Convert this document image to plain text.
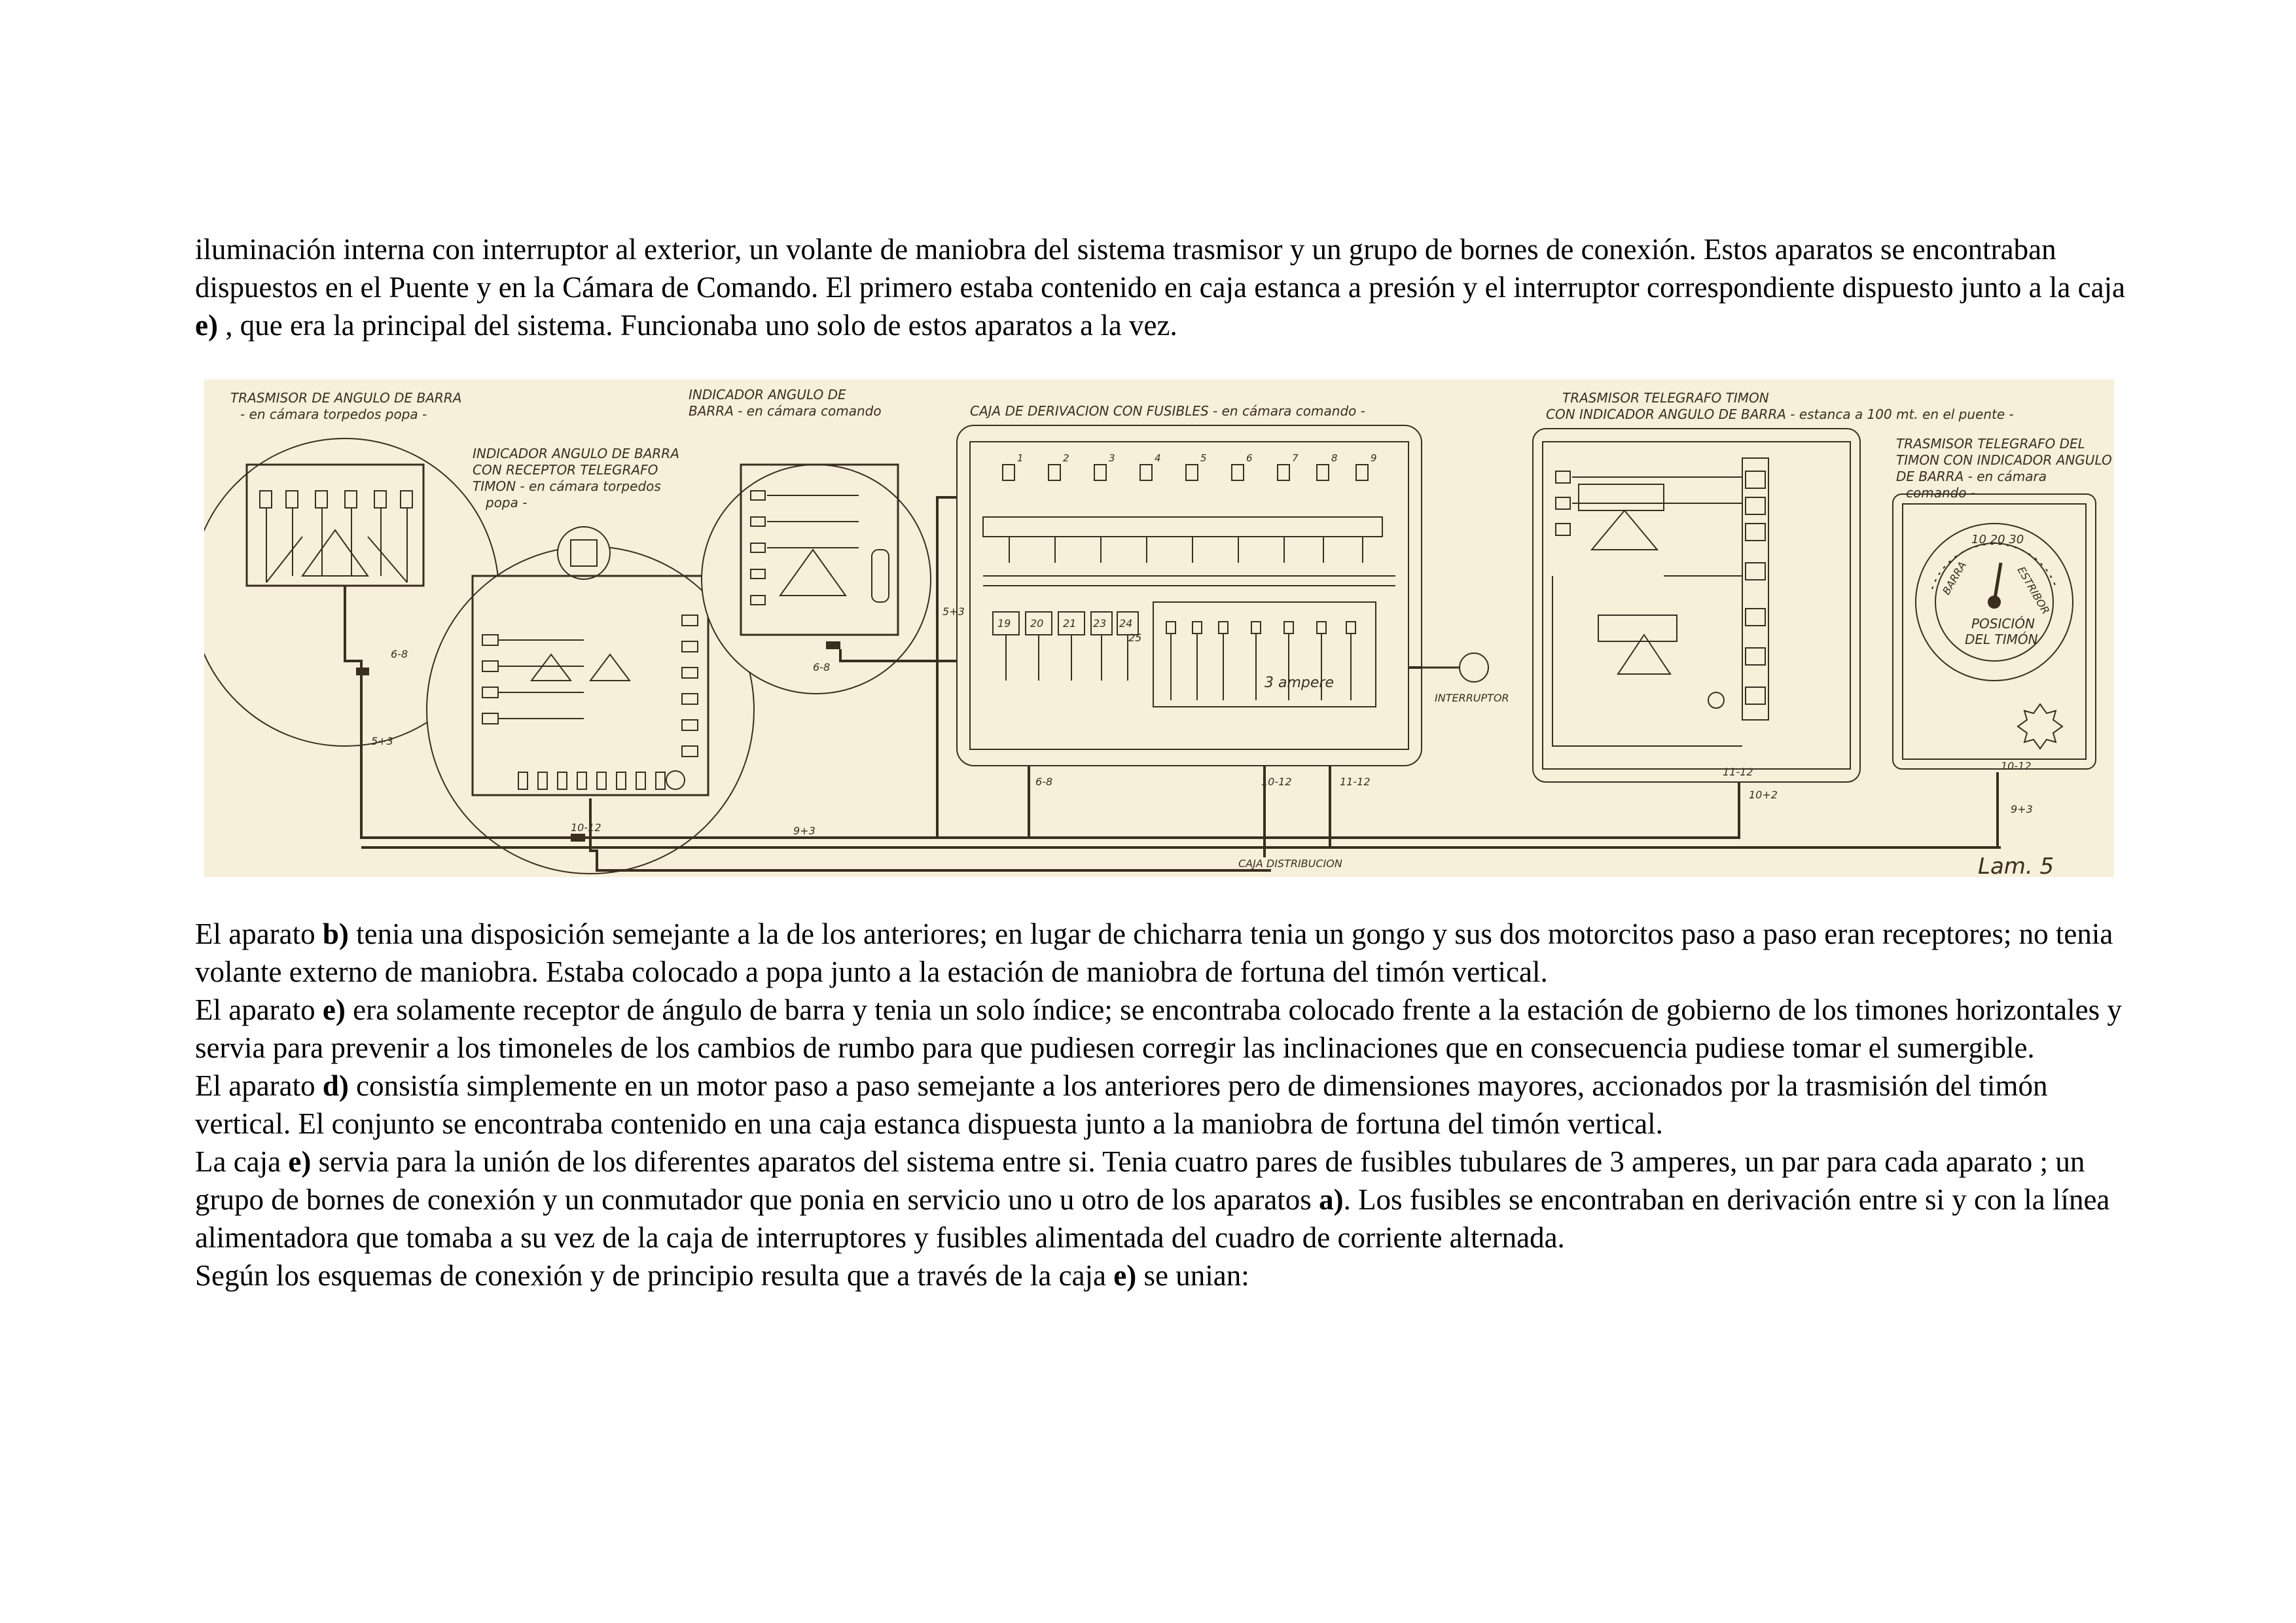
iluminación interna con interruptor al exterior, un volante de maniobra del sistema trasmisor y un grupo de bornes de conexión. Estos aparatos se encontraban dispuestos en el Puente y en la Cámara de Comando. El primero estaba contenido en caja estanca a presión y el interruptor correspondiente dispuesto junto a la caja e) , que era la principal del sistema. Funcionaba uno solo de estos aparatos a la vez.

10 20 30
BARRA	ESTRIBOR
POSICIÓN
DEL TIMÓN
TRASMISOR DE ANGULO DE BARRA
- en cámara torpedos popa -
INDICADOR ANGULO DE BARRA
CON RECEPTOR TELEGRAFO
TIMON - en cámara torpedos
popa -
INDICADOR ANGULO DE
BARRA - en cámara comando	CAJA DE DERIVACION CON FUSIBLES - en cámara comando -
TRASMISOR TELEGRAFO TIMON
CON INDICADOR ANGULO DE BARRA - estanca a 100 mt. en el puente -
TRASMISOR TELEGRAFO DEL
TIMON CON INDICADOR ANGULO
DE BARRA - en cámara
comando -
INTERRUPTOR
3 ampere
CAJA DISTRIBUCION	Lam. 5
6-8
5+3
6-8
5+3
6-8	10-12	11-12
11-12
10+2
10-12
9+3
9+3
10-12
19 20 21 23 24
25
1	2	3	4	5	6	7	8	9
El aparato b) tenia una disposición semejante a la de los anteriores; en lugar de chicharra tenia un gongo y sus dos motorcitos paso a paso eran receptores; no tenia volante externo de maniobra. Estaba colocado a popa junto a la estación de maniobra de fortuna del timón vertical.
El aparato e) era solamente receptor de ángulo de barra y tenia un solo índice; se encontraba colocado frente a la estación de gobierno de los timones horizontales y servia para prevenir a los timoneles de los cambios de rumbo para que pudiesen corregir las inclinaciones que en consecuencia pudiese tomar el sumergible.
El aparato d) consistía simplemente en un motor paso a paso semejante a los anteriores pero de dimensiones mayores, accionados por la trasmisión del timón vertical. El conjunto se encontraba contenido en una caja estanca dispuesta junto a la maniobra de fortuna del timón vertical.
La caja e) servia para la unión de los diferentes aparatos del sistema entre si. Tenia cuatro pares de fusibles tubulares de 3 amperes, un par para cada aparato ; un grupo de bornes de conexión y un conmutador que ponia en servicio uno u otro de los aparatos a). Los fusibles se encontraban en derivación entre si y con la línea alimentadora que tomaba a su vez de la caja de interruptores y fusibles alimentada del cuadro de corriente alternada.
Según los esquemas de conexión y de principio resulta que a través de la caja e) se unian:
